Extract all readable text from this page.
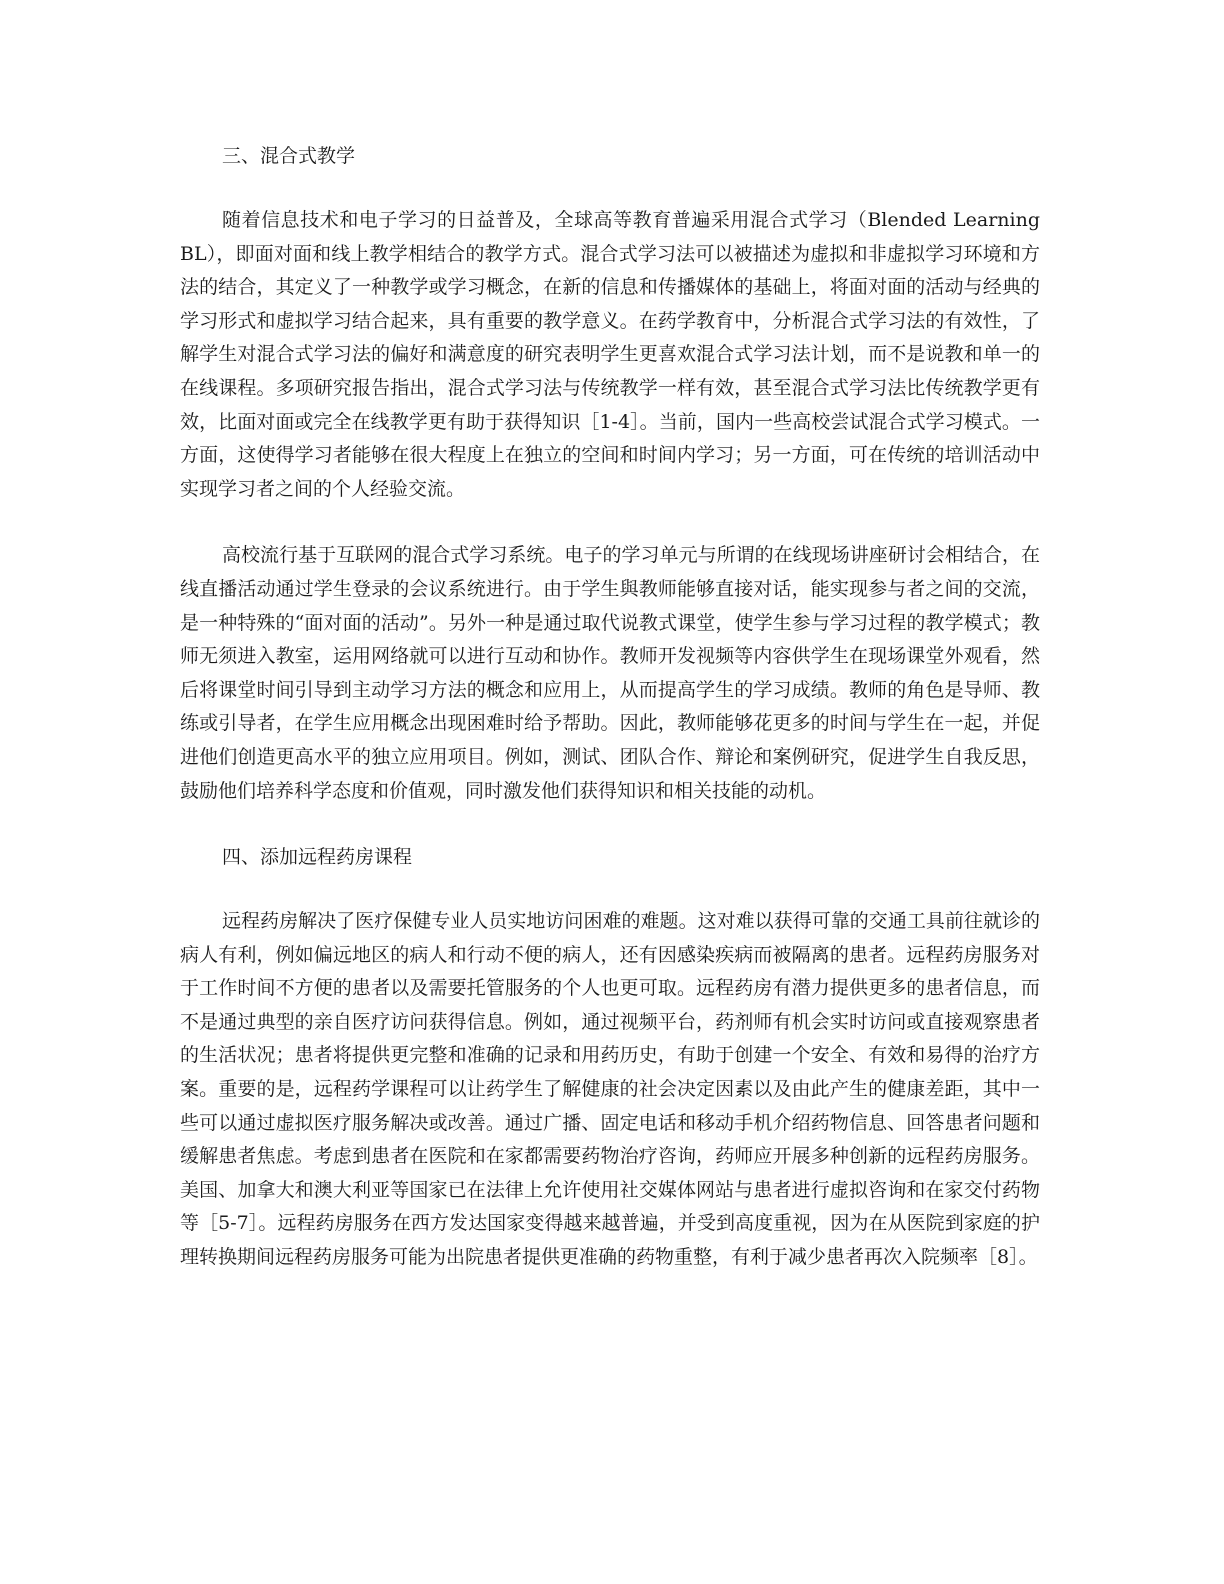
三、混合式教学

随着信息技术和电子学习的日益普及，全球高等教育普遍采用混合式学习（Blended Learning BL），即面对面和线上教学相结合的教学方式。混合式学习法可以被描述为虚拟和非虚拟学习环境和方法的结合，其定义了一种教学或学习概念，在新的信息和传播媒体的基础上，将面对面的活动与经典的学习形式和虚拟学习结合起来，具有重要的教学意义。在药学教育中，分析混合式学习法的有效性，了解学生对混合式学习法的偏好和满意度的研究表明学生更喜欢混合式学习法计划，而不是说教和单一的在线课程。多项研究报告指出，混合式学习法与传统教学一样有效，甚至混合式学习法比传统教学更有效，比面对面或完全在线教学更有助于获得知识［1-4］。当前，国内一些高校尝试混合式学习模式。一方面，这使得学习者能够在很大程度上在独立的空间和时间内学习；另一方面，可在传统的培训活动中实现学习者之间的个人经验交流。

高校流行基于互联网的混合式学习系统。电子的学习单元与所谓的在线现场讲座研讨会相结合，在线直播活动通过学生登录的会议系统进行。由于学生與教师能够直接对话，能实现参与者之间的交流，是一种特殊的“面对面的活动”。另外一种是通过取代说教式课堂，使学生参与学习过程的教学模式；教师无须进入教室，运用网络就可以进行互动和协作。教师开发视频等内容供学生在现场课堂外观看，然后将课堂时间引导到主动学习方法的概念和应用上，从而提高学生的学习成绩。教师的角色是导师、教练或引导者，在学生应用概念出现困难时给予帮助。因此，教师能够花更多的时间与学生在一起，并促进他们创造更高水平的独立应用项目。例如，测试、团队合作、辩论和案例研究，促进学生自我反思，鼓励他们培养科学态度和价值观，同时激发他们获得知识和相关技能的动机。

四、添加远程药房课程

远程药房解决了医疗保健专业人员实地访问困难的难题。这对难以获得可靠的交通工具前往就诊的病人有利，例如偏远地区的病人和行动不便的病人，还有因感染疾病而被隔离的患者。远程药房服务对于工作时间不方便的患者以及需要托管服务的个人也更可取。远程药房有潜力提供更多的患者信息，而不是通过典型的亲自医疗访问获得信息。例如，通过视频平台，药剂师有机会实时访问或直接观察患者的生活状况；患者将提供更完整和准确的记录和用药历史，有助于创建一个安全、有效和易得的治疗方案。重要的是，远程药学课程可以让药学生了解健康的社会决定因素以及由此产生的健康差距，其中一些可以通过虚拟医疗服务解决或改善。通过广播、固定电话和移动手机介绍药物信息、回答患者问题和缓解患者焦虑。考虑到患者在医院和在家都需要药物治疗咨询，药师应开展多种创新的远程药房服务。美国、加拿大和澳大利亚等国家已在法律上允许使用社交媒体网站与患者进行虚拟咨询和在家交付药物等［5-7］。远程药房服务在西方发达国家变得越来越普遍，并受到高度重视，因为在从医院到家庭的护理转换期间远程药房服务可能为出院患者提供更准确的药物重整，有利于减少患者再次入院频率［8］。
